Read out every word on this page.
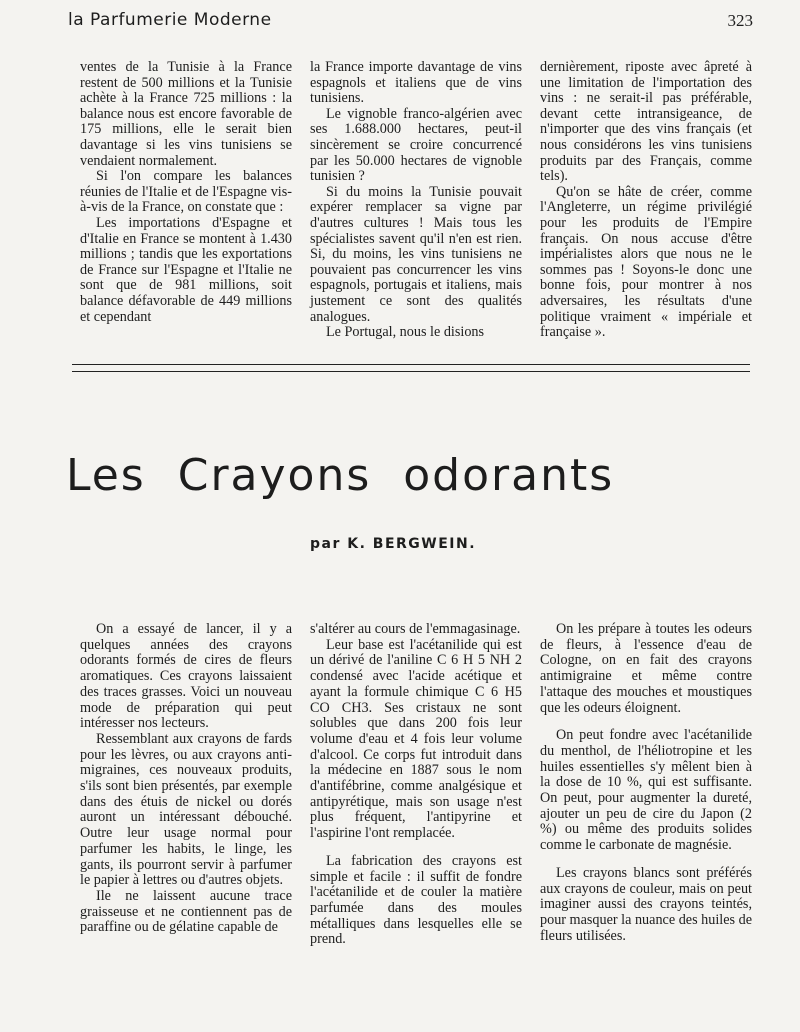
la Parfumerie Moderne	323

ventes de la Tunisie à la France restent de 500 millions et la Tunisie achète à la France 725 millions : la balance nous est encore favorable de 175 millions, elle le serait bien davantage si les vins tunisiens se vendaient normalement.

Si l'on compare les balances réunies de l'Italie et de l'Espagne vis-à-vis de la France, on constate que :

Les importations d'Espagne et d'Italie en France se montent à 1.430 millions ; tandis que les exportations de France sur l'Espagne et l'Italie ne sont que de 981 millions, soit balance défavorable de 449 millions et cependant

la France importe davantage de vins espagnols et italiens que de vins tunisiens.

Le vignoble franco-algérien avec ses 1.688.000 hectares, peut-il sincèrement se croire concurrencé par les 50.000 hectares de vignoble tunisien ?

Si du moins la Tunisie pouvait expérer remplacer sa vigne par d'autres cultures ! Mais tous les spécialistes savent qu'il n'en est rien. Si, du moins, les vins tunisiens ne pouvaient pas concurrencer les vins espagnols, portugais et italiens, mais justement ce sont des qualités analogues.

Le Portugal, nous le disions

dernièrement, riposte avec âpreté à une limitation de l'importation des vins : ne serait-il pas préférable, devant cette intransigeance, de n'importer que des vins français (et nous considérons les vins tunisiens produits par des Français, comme tels).

Qu'on se hâte de créer, comme l'Angleterre, un régime privilégié pour les produits de l'Empire français. On nous accuse d'être impérialistes alors que nous ne le sommes pas ! Soyons-le donc une bonne fois, pour montrer à nos adversaires, les résultats d'une politique vraiment « impériale et française ».

Les Crayons odorants
par K. BERGWEIN.

On a essayé de lancer, il y a quelques années des crayons odorants formés de cires de fleurs aromatiques. Ces crayons laissaient des traces grasses. Voici un nouveau mode de préparation qui peut intéresser nos lecteurs.

Ressemblant aux crayons de fards pour les lèvres, ou aux crayons anti-migraines, ces nouveaux produits, s'ils sont bien présentés, par exemple dans des étuis de nickel ou dorés auront un intéressant débouché. Outre leur usage normal pour parfumer les habits, le linge, les gants, ils pourront servir à parfumer le papier à lettres ou d'autres objets.

Ile ne laissent aucune trace graisseuse et ne contiennent pas de paraffine ou de gélatine capable de

s'altérer au cours de l'emmagasinage.

Leur base est l'acétanilide qui est un dérivé de l'aniline C 6 H 5 NH 2 condensé avec l'acide acétique et ayant la formule chimique C 6 H5 CO CH3. Ses cristaux ne sont solubles que dans 200 fois leur volume d'eau et 4 fois leur volume d'alcool. Ce corps fut introduit dans la médecine en 1887 sous le nom d'antifébrine, comme analgésique et antipyrétique, mais son usage n'est plus fréquent, l'antipyrine et l'aspirine l'ont remplacée.

La fabrication des crayons est simple et facile : il suffit de fondre l'acétanilide et de couler la matière parfumée dans des moules métalliques dans lesquelles elle se prend.

On les prépare à toutes les odeurs de fleurs, à l'essence d'eau de Cologne, on en fait des crayons antimigraine et même contre l'attaque des mouches et moustiques que les odeurs éloignent.

On peut fondre avec l'acétanilide du menthol, de l'héliotropine et les huiles essentielles s'y mêlent bien à la dose de 10 %, qui est suffisante. On peut, pour augmenter la dureté, ajouter un peu de cire du Japon (2 %) ou même des produits solides comme le carbonate de magnésie.

Les crayons blancs sont préférés aux crayons de couleur, mais on peut imaginer aussi des crayons teintés, pour masquer la nuance des huiles de fleurs utilisées.
